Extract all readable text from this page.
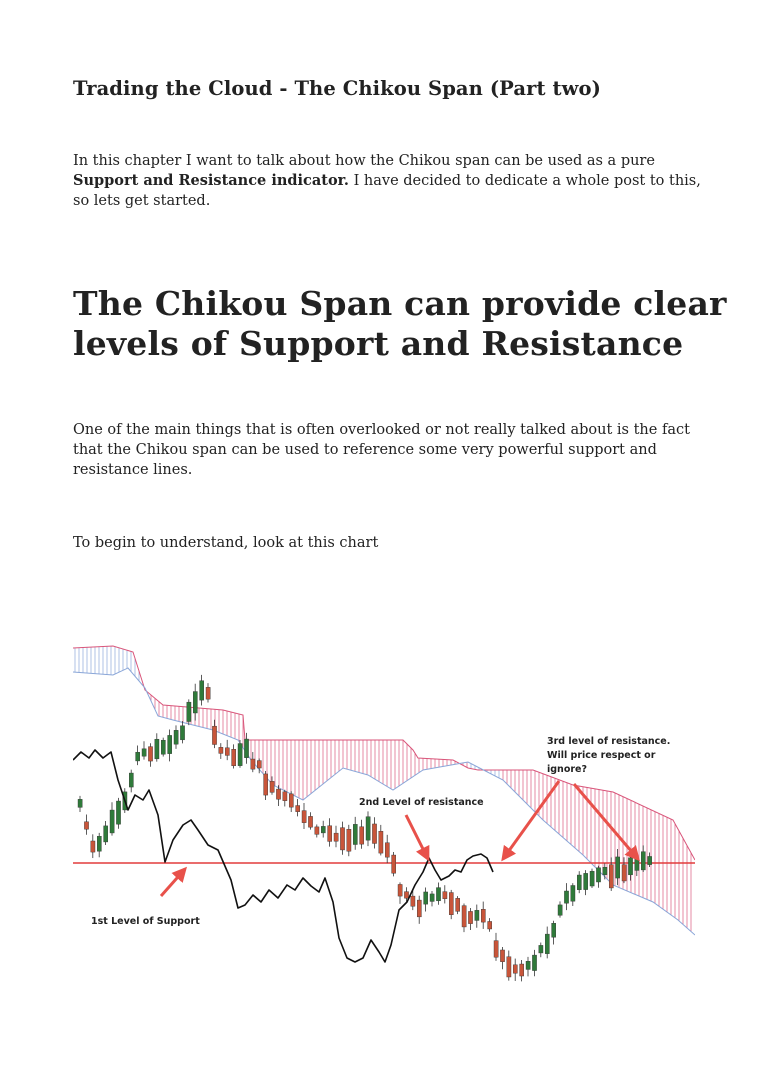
Trading the Cloud - The Chikou Span (Part two)

In this chapter I want to talk about how the Chikou span can be used as a pure Support and Resistance indicator. I have decided to dedicate a whole post to this, so lets get started.

The Chikou Span can provide clear levels of Support and Resistance

One of the main things that is often overlooked or not really talked about is the fact that the Chikou span can be used to reference some very powerful support and resistance lines.

To begin to understand, look at this chart

1st Level of Support
2nd Level of resistance
3rd level of resistance.
Will price respect or
ignore?
